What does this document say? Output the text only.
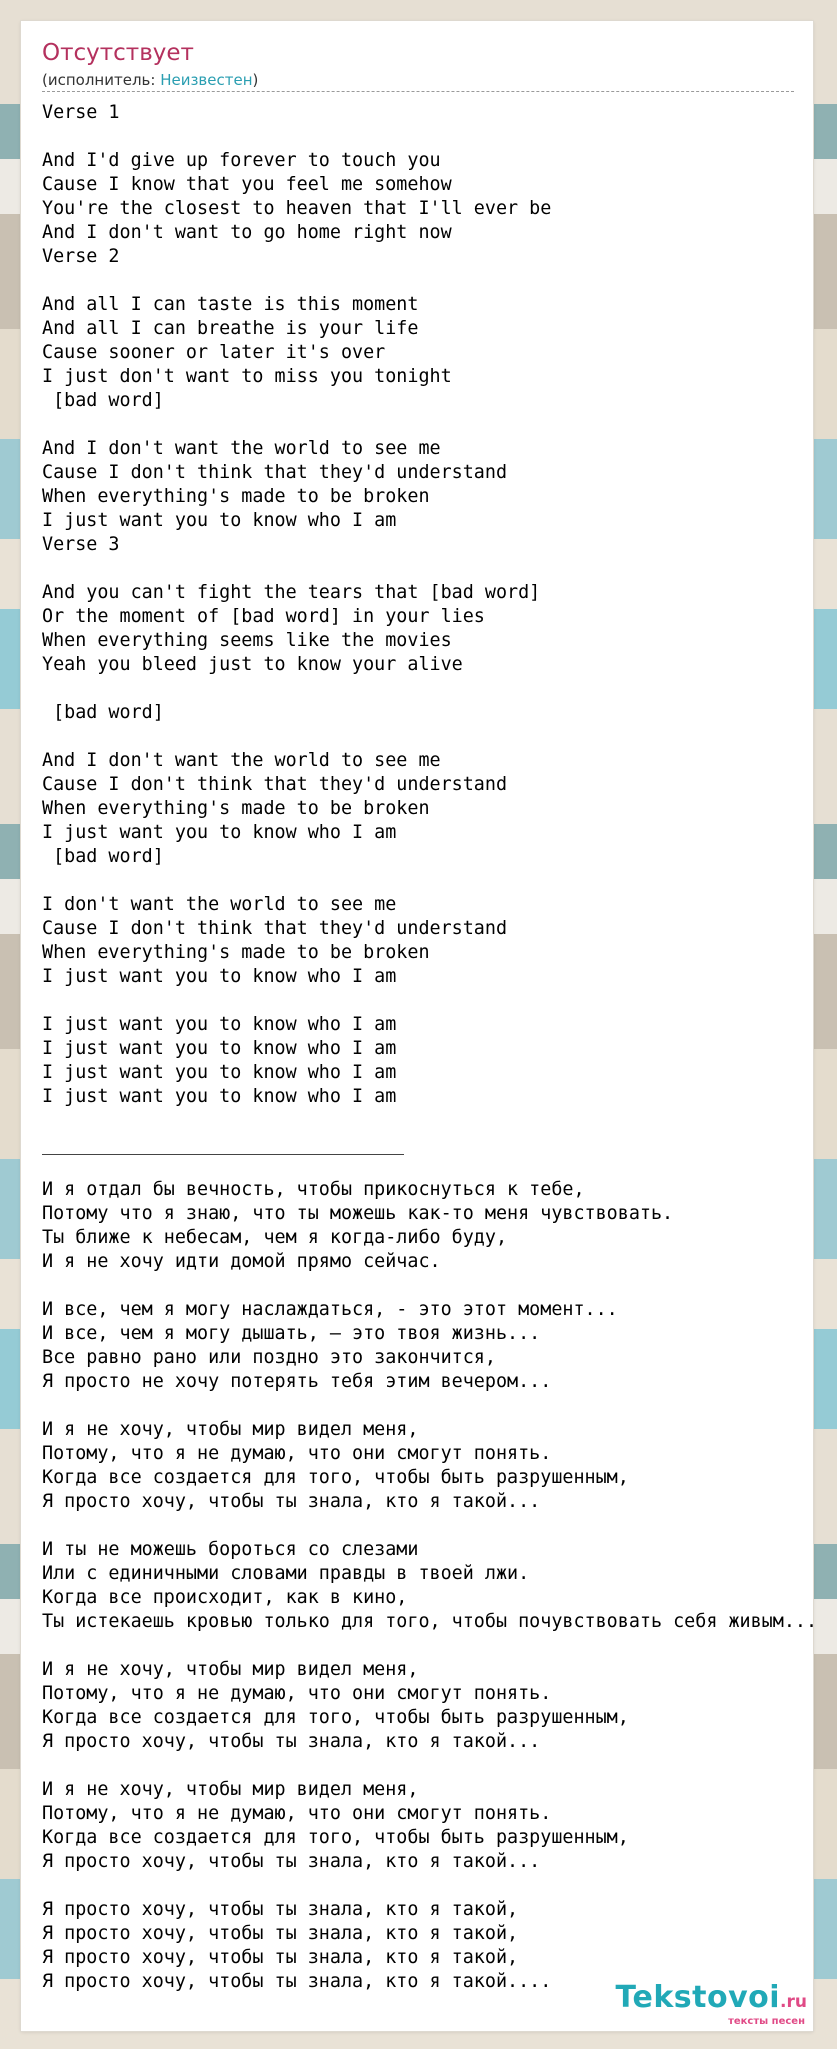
Отсутствует
(исполнитель: Неизвестен)
Verse 1

And I'd give up forever to touch you
Cause I know that you feel me somehow
You're the closest to heaven that I'll ever be
And I don't want to go home right now
Verse 2

And all I can taste is this moment
And all I can breathe is your life
Cause sooner or later it's over
I just don't want to miss you tonight
[bad word]

And I don't want the world to see me
Cause I don't think that they'd understand
When everything's made to be broken
I just want you to know who I am
Verse 3

And you can't fight the tears that [bad word]
Or the moment of [bad word] in your lies
When everything seems like the movies
Yeah you bleed just to know your alive

[bad word]

And I don't want the world to see me
Cause I don't think that they'd understand
When everything's made to be broken
I just want you to know who I am
[bad word]

I don't want the world to see me
Cause I don't think that they'd understand
When everything's made to be broken
I just want you to know who I am

I just want you to know who I am
I just want you to know who I am
I just want you to know who I am
I just want you to know who I am
И я отдал бы вечность, чтобы прикоснуться к тебе,
Потому что я знаю, что ты можешь как-то меня чувствовать.
Ты ближе к небесам, чем я когда-либо буду,
И я не хочу идти домой прямо сейчас.

И все, чем я могу наслаждаться, - это этот момент...
И все, чем я могу дышать, – это твоя жизнь...
Все равно рано или поздно это закончится,
Я просто не хочу потерять тебя этим вечером...

И я не хочу, чтобы мир видел меня,
Потому, что я не думаю, что они смогут понять.
Когда все создается для того, чтобы быть разрушенным,
Я просто хочу, чтобы ты знала, кто я такой...

И ты не можешь бороться со слезами
Или с единичными словами правды в твоей лжи.
Когда все происходит, как в кино,
Ты истекаешь кровью только для того, чтобы почувствовать себя живым...

И я не хочу, чтобы мир видел меня,
Потому, что я не думаю, что они смогут понять.
Когда все создается для того, чтобы быть разрушенным,
Я просто хочу, чтобы ты знала, кто я такой...

И я не хочу, чтобы мир видел меня,
Потому, что я не думаю, что они смогут понять.
Когда все создается для того, чтобы быть разрушенным,
Я просто хочу, чтобы ты знала, кто я такой...

Я просто хочу, чтобы ты знала, кто я такой,
Я просто хочу, чтобы ты знала, кто я такой,
Я просто хочу, чтобы ты знала, кто я такой,
Я просто хочу, чтобы ты знала, кто я такой....	Tekstovoi.ru
тексты песен
